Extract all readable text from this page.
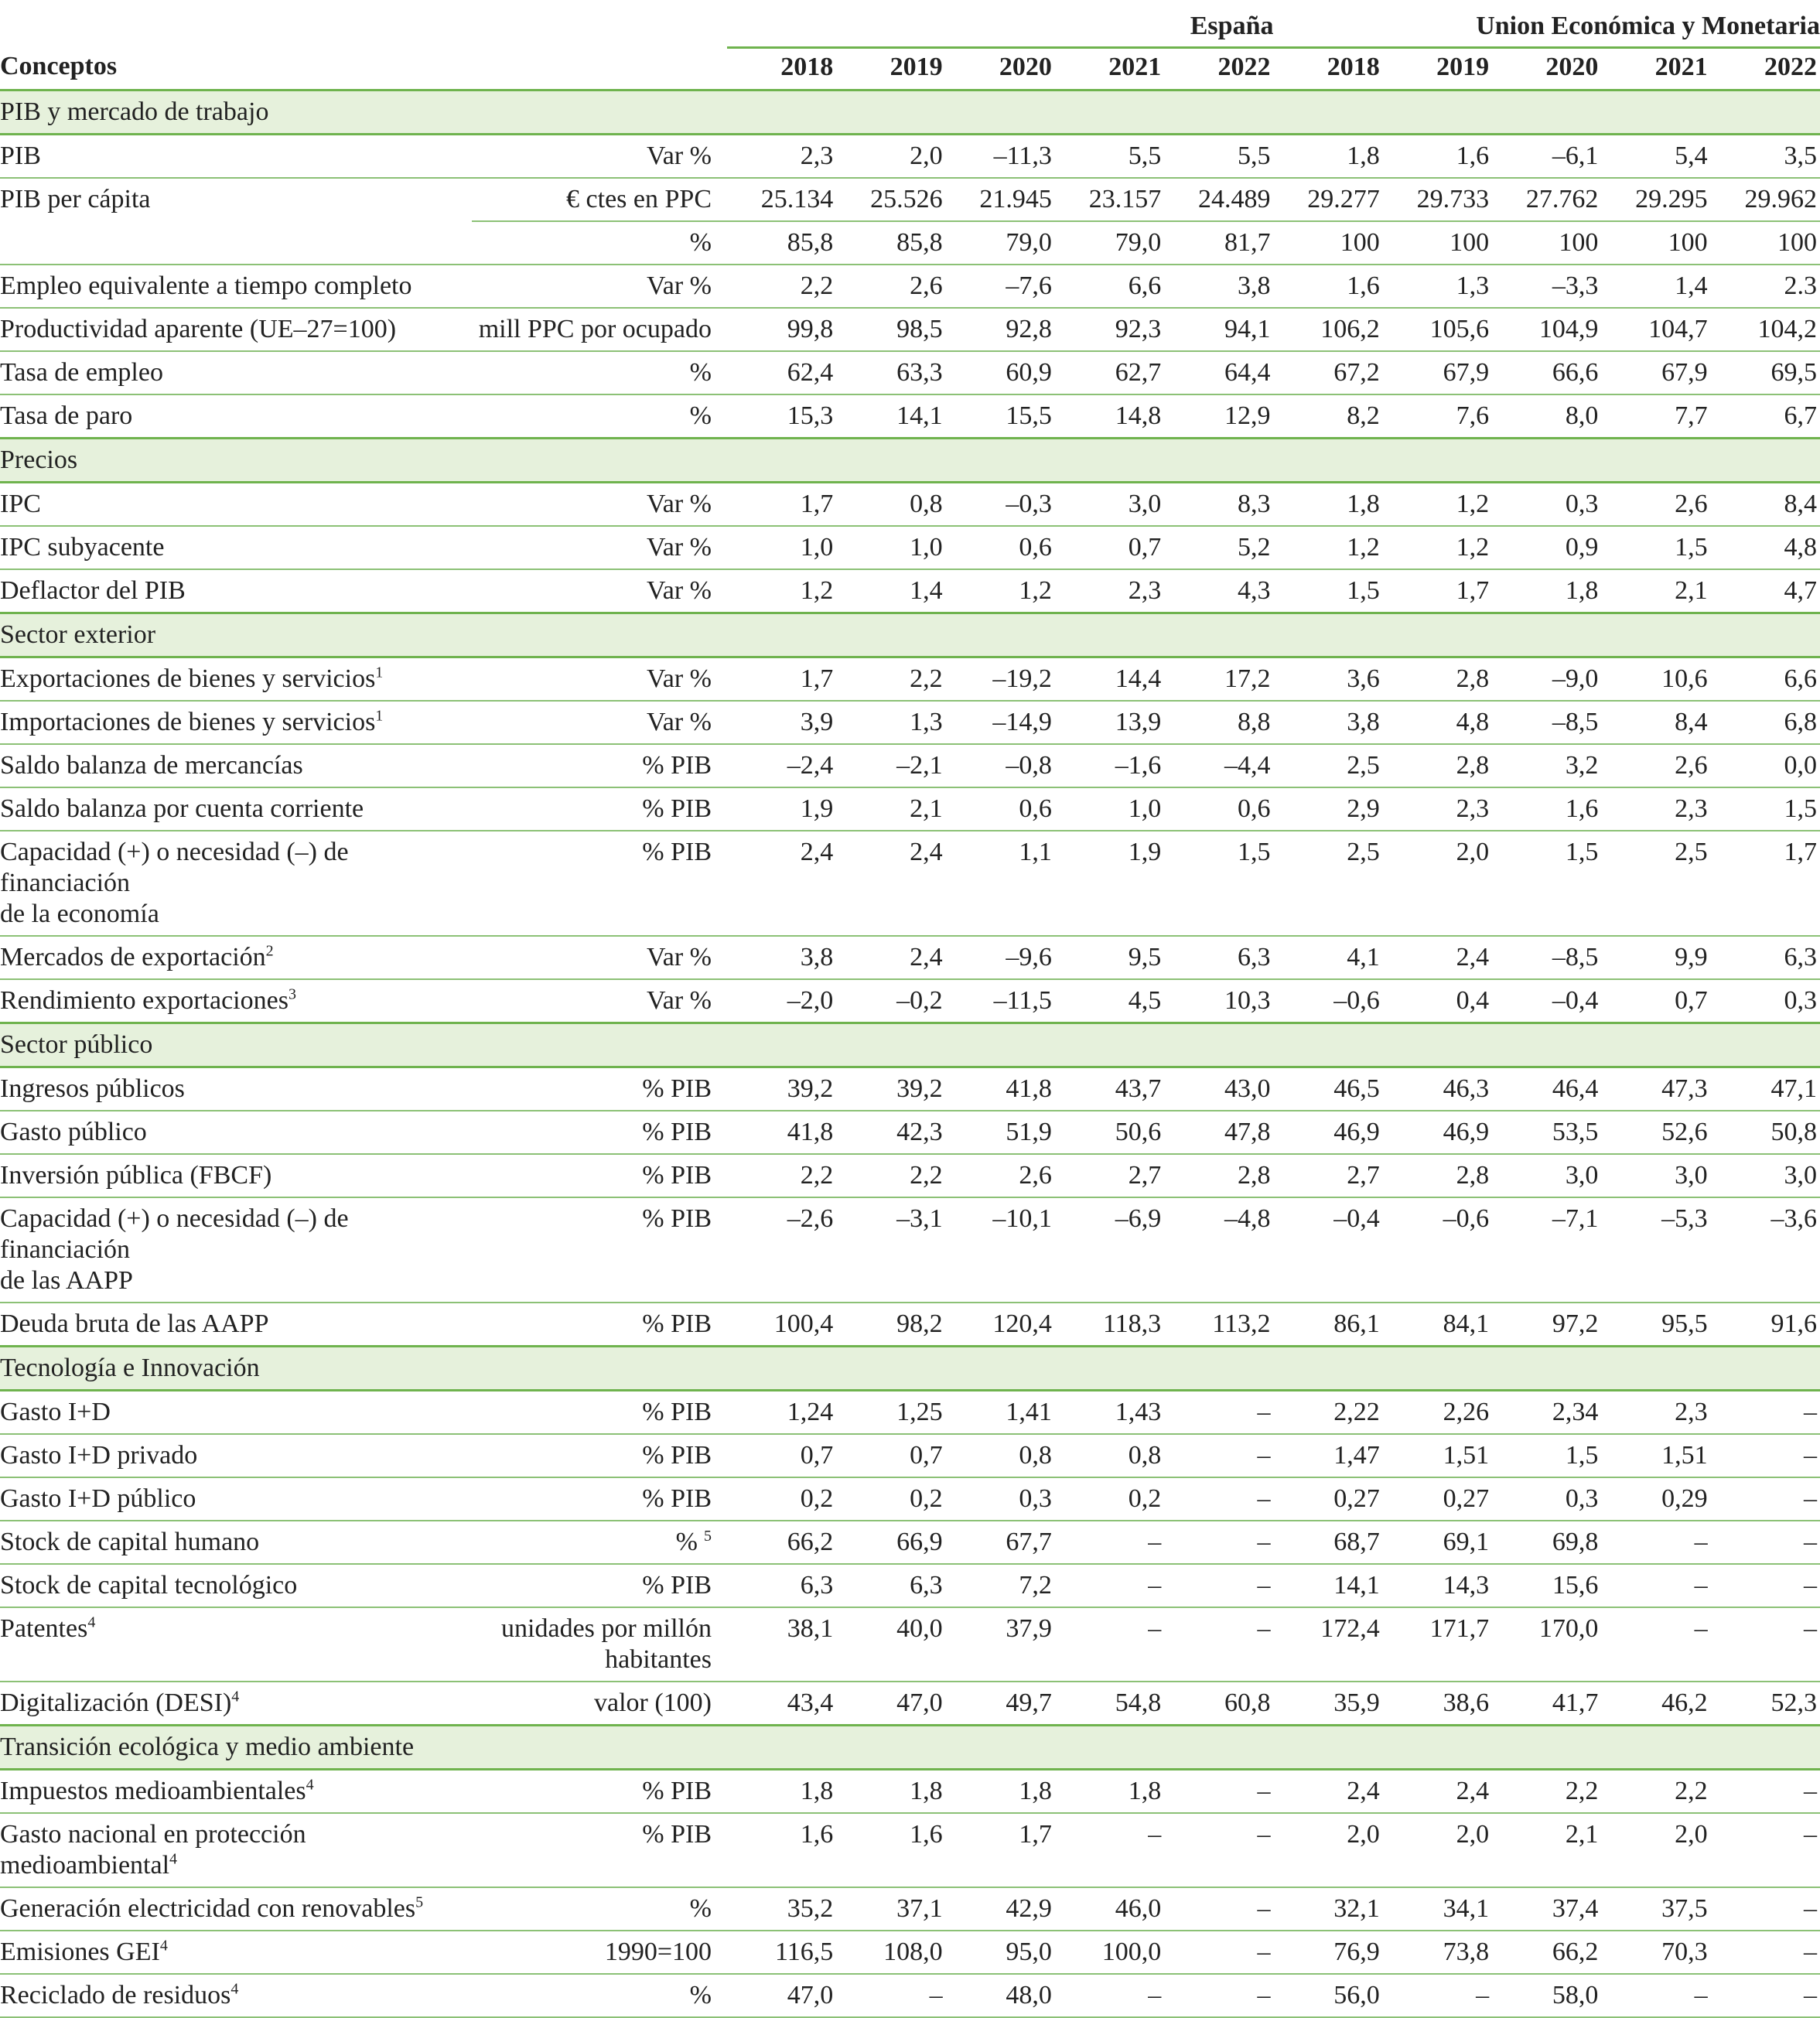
		España					Union Económica y Monetaria				
Conceptos		2018	2019	2020	2021	2022	2018	2019	2020	2021	2022
PIB y mercado de trabajo											
PIB	Var %	2,3	2,0	–11,3	5,5	5,5	1,8	1,6	–6,1	5,4	3,5
PIB per cápita	€ ctes en PPC	25.134	25.526	21.945	23.157	24.489	29.277	29.733	27.762	29.295	29.962
	%	85,8	85,8	79,0	79,0	81,7	100	100	100	100	100
Empleo equivalente a tiempo completo	Var %	2,2	2,6	–7,6	6,6	3,8	1,6	1,3	–3,3	1,4	2.3
Productividad aparente (UE–27=100)	mill PPC por ocupado	99,8	98,5	92,8	92,3	94,1	106,2	105,6	104,9	104,7	104,2
Tasa de empleo	%	62,4	63,3	60,9	62,7	64,4	67,2	67,9	66,6	67,9	69,5
Tasa de paro	%	15,3	14,1	15,5	14,8	12,9	8,2	7,6	8,0	7,7	6,7
Precios											
IPC	Var %	1,7	0,8	–0,3	3,0	8,3	1,8	1,2	0,3	2,6	8,4
IPC subyacente	Var %	1,0	1,0	0,6	0,7	5,2	1,2	1,2	0,9	1,5	4,8
Deflactor del PIB	Var %	1,2	1,4	1,2	2,3	4,3	1,5	1,7	1,8	2,1	4,7
Sector exterior											
Exportaciones de bienes y servicios$^1$	Var %	1,7	2,2	–19,2	14,4	17,2	3,6	2,8	–9,0	10,6	6,6
Importaciones de bienes y servicios$^1$	Var %	3,9	1,3	–14,9	13,9	8,8	3,8	4,8	–8,5	8,4	6,8
Saldo balanza de mercancías	% PIB	–2,4	–2,1	–0,8	–1,6	–4,4	2,5	2,8	3,2	2,6	0,0
Saldo balanza por cuenta corriente	% PIB	1,9	2,1	0,6	1,0	0,6	2,9	2,3	1,6	2,3	1,5
Capacidad (+) o necesidad (–) de financiación
de la economía	% PIB	2,4	2,4	1,1	1,9	1,5	2,5	2,0	1,5	2,5	1,7
Mercados de exportación$^2$	Var %	3,8	2,4	–9,6	9,5	6,3	4,1	2,4	–8,5	9,9	6,3
Rendimiento exportaciones$^3$	Var %	–2,0	–0,2	–11,5	4,5	10,3	–0,6	0,4	–0,4	0,7	0,3
Sector público											
Ingresos públicos	% PIB	39,2	39,2	41,8	43,7	43,0	46,5	46,3	46,4	47,3	47,1
Gasto público	% PIB	41,8	42,3	51,9	50,6	47,8	46,9	46,9	53,5	52,6	50,8
Inversión pública (FBCF)	% PIB	2,2	2,2	2,6	2,7	2,8	2,7	2,8	3,0	3,0	3,0
Capacidad (+) o necesidad (–) de financiación
de las AAPP	% PIB	–2,6	–3,1	–10,1	–6,9	–4,8	–0,4	–0,6	–7,1	–5,3	–3,6
Deuda bruta de las AAPP	% PIB	100,4	98,2	120,4	118,3	113,2	86,1	84,1	97,2	95,5	91,6
Tecnología e Innovación											
Gasto I+D	% PIB	1,24	1,25	1,41	1,43	–	2,22	2,26	2,34	2,3	–
Gasto I+D privado	% PIB	0,7	0,7	0,8	0,8	–	1,47	1,51	1,5	1,51	–
Gasto I+D público	% PIB	0,2	0,2	0,3	0,2	–	0,27	0,27	0,3	0,29	–
Stock de capital humano	% $^5$	66,2	66,9	67,7	–	–	68,7	69,1	69,8	–	–
Stock de capital tecnológico	% PIB	6,3	6,3	7,2	–	–	14,1	14,3	15,6	–	–
Patentes$^4$	unidades por millón
habitantes	38,1	40,0	37,9	–	–	172,4	171,7	170,0	–	–
Digitalización (DESI)$^4$	valor (100)	43,4	47,0	49,7	54,8	60,8	35,9	38,6	41,7	46,2	52,3
Transición ecológica y medio ambiente											
Impuestos medioambientales$^4$	% PIB	1,8	1,8	1,8	1,8	–	2,4	2,4	2,2	2,2	–
Gasto nacional en protección medioambiental$^4$	% PIB	1,6	1,6	1,7	–	–	2,0	2,0	2,1	2,0	–
Generación electricidad con renovables$^5$	%	35,2	37,1	42,9	46,0	–	32,1	34,1	37,4	37,5	–
Emisiones GEI$^4$	1990=100	116,5	108,0	95,0	100,0	–	76,9	73,8	66,2	70,3	–
Reciclado de residuos$^4$	%	47,0	–	48,0	–	–	56,0	–	58,0	–	–
